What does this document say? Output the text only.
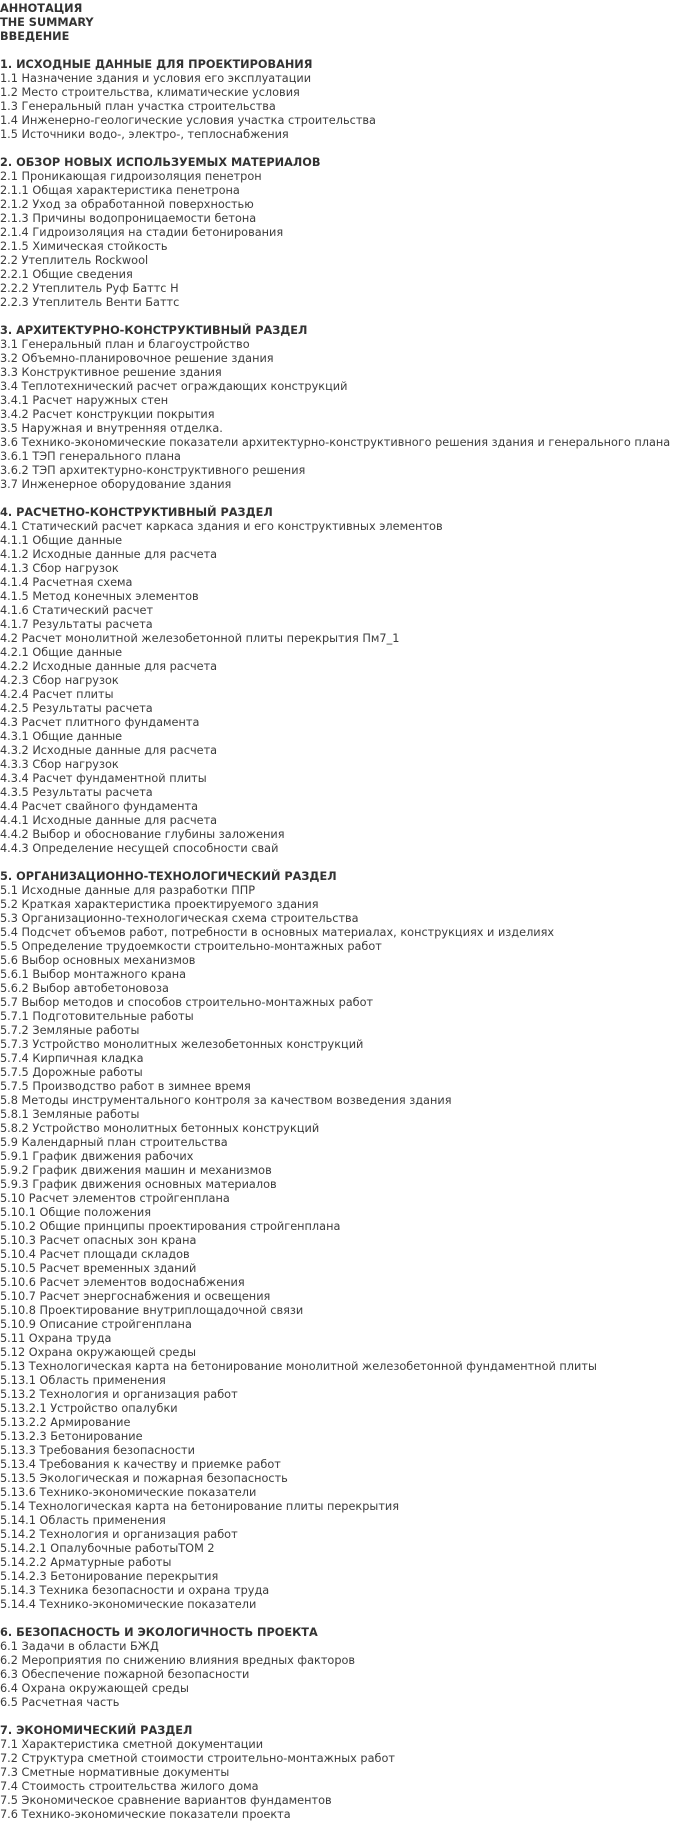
АННОТАЦИЯ
THE SUMMARY
ВВЕДЕНИЕ
1. ИСХОДНЫЕ ДАННЫЕ ДЛЯ ПРОЕКТИРОВАНИЯ
1.1 Назначение здания и условия его эксплуатации
1.2 Место строительства, климатические условия
1.3 Генеральный план участка строительства
1.4 Инженерно-геологические условия участка строительства
1.5 Источники водо-, электро-, теплоснабжения
2. ОБЗОР НОВЫХ ИСПОЛЬЗУЕМЫХ МАТЕРИАЛОВ
2.1 Проникающая гидроизоляция пенетрон
2.1.1 Общая характеристика пенетрона
2.1.2 Уход за обработанной поверхностью
2.1.3 Причины водопроницаемости бетона
2.1.4 Гидроизоляция на стадии бетонирования
2.1.5 Химическая стойкость
2.2 Утеплитель Rockwool
2.2.1 Общие сведения
2.2.2 Утеплитель Руф Баттс Н
2.2.3 Утеплитель Венти Баттс
3. АРХИТЕКТУРНО-КОНСТРУКТИВНЫЙ РАЗДЕЛ
3.1 Генеральный план и благоустройство
3.2 Объемно-планировочное решение здания
3.3 Конструктивное решение здания
3.4 Теплотехнический расчет ограждающих конструкций
3.4.1 Расчет наружных стен
3.4.2 Расчет конструкции покрытия
3.5 Наружная и внутренняя отделка.
3.6 Технико-экономические показатели архитектурно-конструктивного решения здания и генерального плана
3.6.1 ТЭП генерального плана
3.6.2 ТЭП архитектурно-конструктивного решения
3.7 Инженерное оборудование здания
4. РАСЧЕТНО-КОНСТРУКТИВНЫЙ РАЗДЕЛ
4.1 Статический расчет каркаса здания и его конструктивных элементов
4.1.1 Общие данные
4.1.2 Исходные данные для расчета
4.1.3 Сбор нагрузок
4.1.4 Расчетная схема
4.1.5 Метод конечных элементов
4.1.6 Статический расчет
4.1.7 Результаты расчета
4.2 Расчет монолитной железобетонной плиты перекрытия Пм7_1
4.2.1 Общие данные
4.2.2 Исходные данные для расчета
4.2.3 Сбор нагрузок
4.2.4 Расчет плиты
4.2.5 Результаты расчета
4.3 Расчет плитного фундамента
4.3.1 Общие данные
4.3.2 Исходные данные для расчета
4.3.3 Сбор нагрузок
4.3.4 Расчет фундаментной плиты
4.3.5 Результаты расчета
4.4 Расчет свайного фундамента
4.4.1 Исходные данные для расчета
4.4.2 Выбор и обоснование глубины заложения
4.4.3 Определение несущей способности свай
5. ОРГАНИЗАЦИОННО-ТЕХНОЛОГИЧЕСКИЙ РАЗДЕЛ
5.1 Исходные данные для разработки ППР
5.2 Краткая характеристика проектируемого здания
5.3 Организационно-технологическая схема строительства
5.4 Подсчет объемов работ, потребности в основных материалах, конструкциях и изделиях
5.5 Определение трудоемкости строительно-монтажных работ
5.6 Выбор основных механизмов
5.6.1 Выбор монтажного крана
5.6.2 Выбор автобетоновоза
5.7 Выбор методов и способов строительно-монтажных работ
5.7.1 Подготовительные работы
5.7.2 Земляные работы
5.7.3 Устройство монолитных железобетонных конструкций
5.7.4 Кирпичная кладка
5.7.5 Дорожные работы
5.7.5 Производство работ в зимнее время
5.8 Методы инструментального контроля за качеством возведения здания
5.8.1 Земляные работы
5.8.2 Устройство монолитных бетонных конструкций
5.9 Календарный план строительства
5.9.1 График движения рабочих
5.9.2 График движения машин и механизмов
5.9.3 График движения основных материалов
5.10 Расчет элементов стройгенплана
5.10.1 Общие положения
5.10.2 Общие принципы проектирования стройгенплана
5.10.3 Расчет опасных зон крана
5.10.4 Расчет площади складов
5.10.5 Расчет временных зданий
5.10.6 Расчет элементов водоснабжения
5.10.7 Расчет энергоснабжения и освещения
5.10.8 Проектирование внутриплощадочной связи
5.10.9 Описание стройгенплана
5.11 Охрана труда
5.12 Охрана окружающей среды
5.13 Технологическая карта на бетонирование монолитной железобетонной фундаментной плиты
5.13.1 Область применения
5.13.2 Технология и организация работ
5.13.2.1 Устройство опалубки
5.13.2.2 Армирование
5.13.2.3 Бетонирование
5.13.3 Требования безопасности
5.13.4 Требования к качеству и приемке работ
5.13.5 Экологическая и пожарная безопасность
5.13.6 Технико-экономические показатели
5.14 Технологическая карта на бетонирование плиты перекрытия
5.14.1 Область применения
5.14.2 Технология и организация работ
5.14.2.1 Опалубочные работыТОМ 2
5.14.2.2 Арматурные работы
5.14.2.3 Бетонирование перекрытия
5.14.3 Техника безопасности и охрана труда
5.14.4 Технико-экономические показатели
6. БЕЗОПАСНОСТЬ И ЭКОЛОГИЧНОСТЬ ПРОЕКТА
6.1 Задачи в области БЖД
6.2 Мероприятия по снижению влияния вредных факторов
6.3 Обеспечение пожарной безопасности
6.4 Охрана окружающей среды
6.5 Расчетная часть
7. ЭКОНОМИЧЕСКИЙ РАЗДЕЛ
7.1 Характеристика сметной документации
7.2 Структура сметной стоимости строительно-монтажных работ
7.3 Сметные нормативные документы
7.4 Стоимость строительства жилого дома
7.5 Экономическое сравнение вариантов фундаментов
7.6 Технико-экономические показатели проекта
